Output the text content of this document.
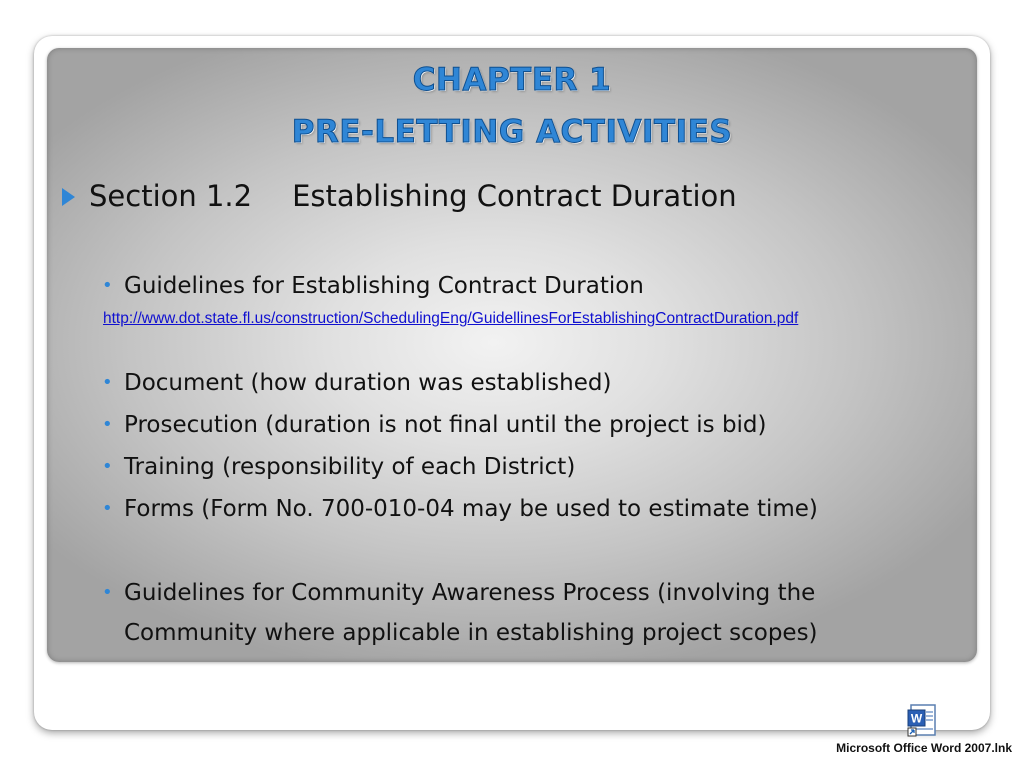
CHAPTER 1
PRE-LETTING ACTIVITIES
Section 1.2 Establishing Contract Duration
• Guidelines for Establishing Contract Duration
http://www.dot.state.fl.us/construction/SchedulingEng/GuidellinesForEstablishingContractDuration.pdf
• Document (how duration was established)
• Prosecution (duration is not final until the project is bid)
• Training (responsibility of each District)
• Forms (Form No. 700-010-04 may be used to estimate time)
• Guidelines for Community Awareness Process (involving the Community where applicable in establishing project scopes)
W
Microsoft Office Word 2007.lnk
